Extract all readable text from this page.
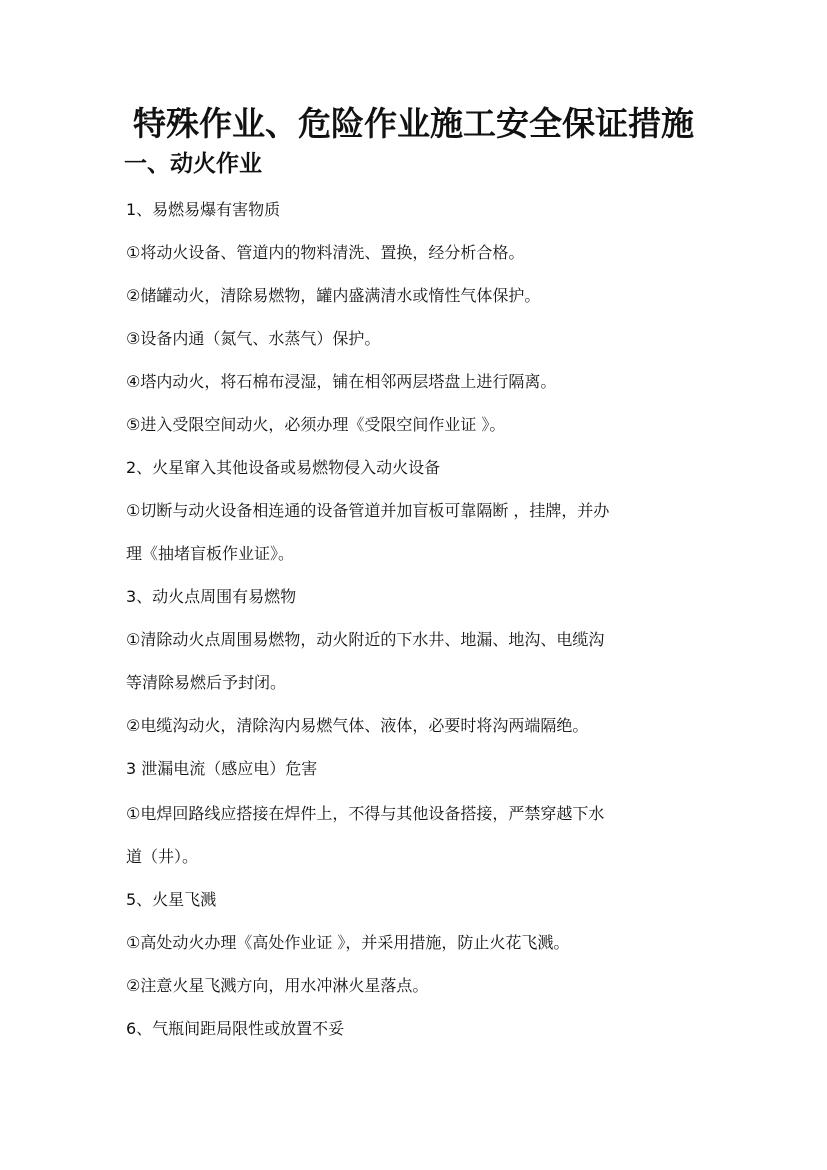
特殊作业、危险作业施工安全保证措施
一、动火作业

1、易燃易爆有害物质

①将动火设备、管道内的物料清洗、置换，经分析合格。

②储罐动火，清除易燃物，罐内盛满清水或惰性气体保护。

③设备内通（氮气、水蒸气）保护。

④塔内动火，将石棉布浸湿，铺在相邻两层塔盘上进行隔离。

⑤进入受限空间动火，必须办理《受限空间作业证 》。

2、火星窜入其他设备或易燃物侵入动火设备

①切断与动火设备相连通的设备管道并加盲板可靠隔断 ，挂牌，并办

理《抽堵盲板作业证》。

3、动火点周围有易燃物

①清除动火点周围易燃物，动火附近的下水井、地漏、地沟、电缆沟

等清除易燃后予封闭。

②电缆沟动火，清除沟内易燃气体、液体，必要时将沟两端隔绝。

3 泄漏电流（感应电）危害

①电焊回路线应搭接在焊件上，不得与其他设备搭接，严禁穿越下水

道（井）。

5、火星飞溅

①高处动火办理《高处作业证 》，并采用措施，防止火花飞溅。

②注意火星飞溅方向，用水冲淋火星落点。

6、气瓶间距局限性或放置不妥
